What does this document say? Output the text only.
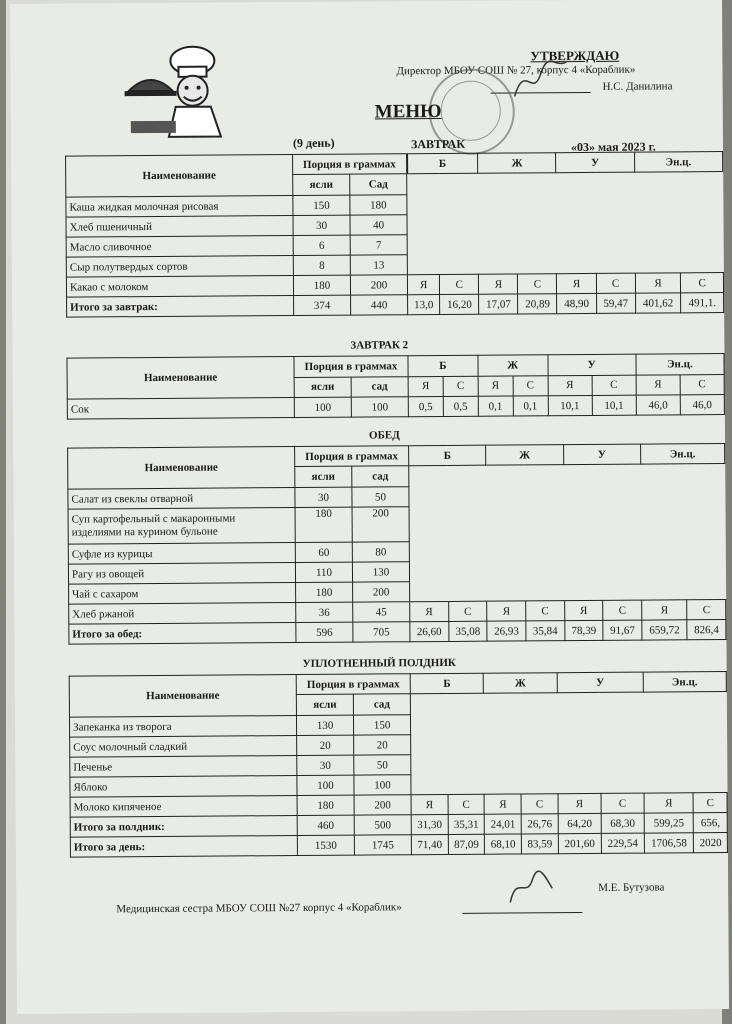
УТВЕРЖДАЮ
Директор МБОУ СОШ № 27, корпус 4 «Кораблик»
Н.С. Данилина
МЕНЮ
(9 день)	ЗАВТРАК	«03» мая 2023 г.
Наименование	Порция в граммах		Б		Ж		У		Эн.ц.	
	ясли	Сад								
Каша жидкая молочная рисовая	150	180								
Хлеб пшеничный	30	40								
Масло сливочное	6	7								
Сыр полутвердых сортов	8	13								
Какао с молоком	180	200	Я	С	Я	С	Я	С	Я	С
Итого за завтрак:	374	440	13,0	16,20	17,07	20,89	48,90	59,47	401,62	491,1.
ЗАВТРАК 2
Наименование	Порция в граммах		Б		Ж		У		Эн.ц.	
	ясли	сад	Я	С	Я	С	Я	С	Я	С
Сок	100	100	0,5	0,5	0,1	0,1	10,1	10,1	46,0	46,0
ОБЕД
Наименование	Порция в граммах		Б		Ж		У		Эн.ц.	
	ясли	сад								
Салат из свеклы отварной	30	50								
Суп картофельный с макаронными
изделиями на курином бульоне	180	200								
Суфле из курицы	60	80								
Рагу из овощей	110	130								
Чай с сахаром	180	200								
Хлеб ржаной	36	45	Я	С	Я	С	Я	С	Я	С
Итого за обед:	596	705	26,60	35,08	26,93	35,84	78,39	91,67	659,72	826,4
УПЛОТНЕННЫЙ ПОЛДНИК
Наименование	Порция в граммах		Б		Ж		У		Эн.ц.	
	ясли	сад								
Запеканка из творога	130	150								
Соус молочный сладкий	20	20								
Печенье	30	50								
Яблоко	100	100								
Молоко кипяченое	180	200	Я	С	Я	С	Я	С	Я	С
Итого за полдник:	460	500	31,30	35,31	24,01	26,76	64,20	68,30	599,25	656,
Итого за день:	1530	1745	71,40	87,09	68,10	83,59	201,60	229,54	1706,58	2020
Медицинская сестра МБОУ СОШ №27 корпус 4 «Кораблик»
М.Е. Бутузова
